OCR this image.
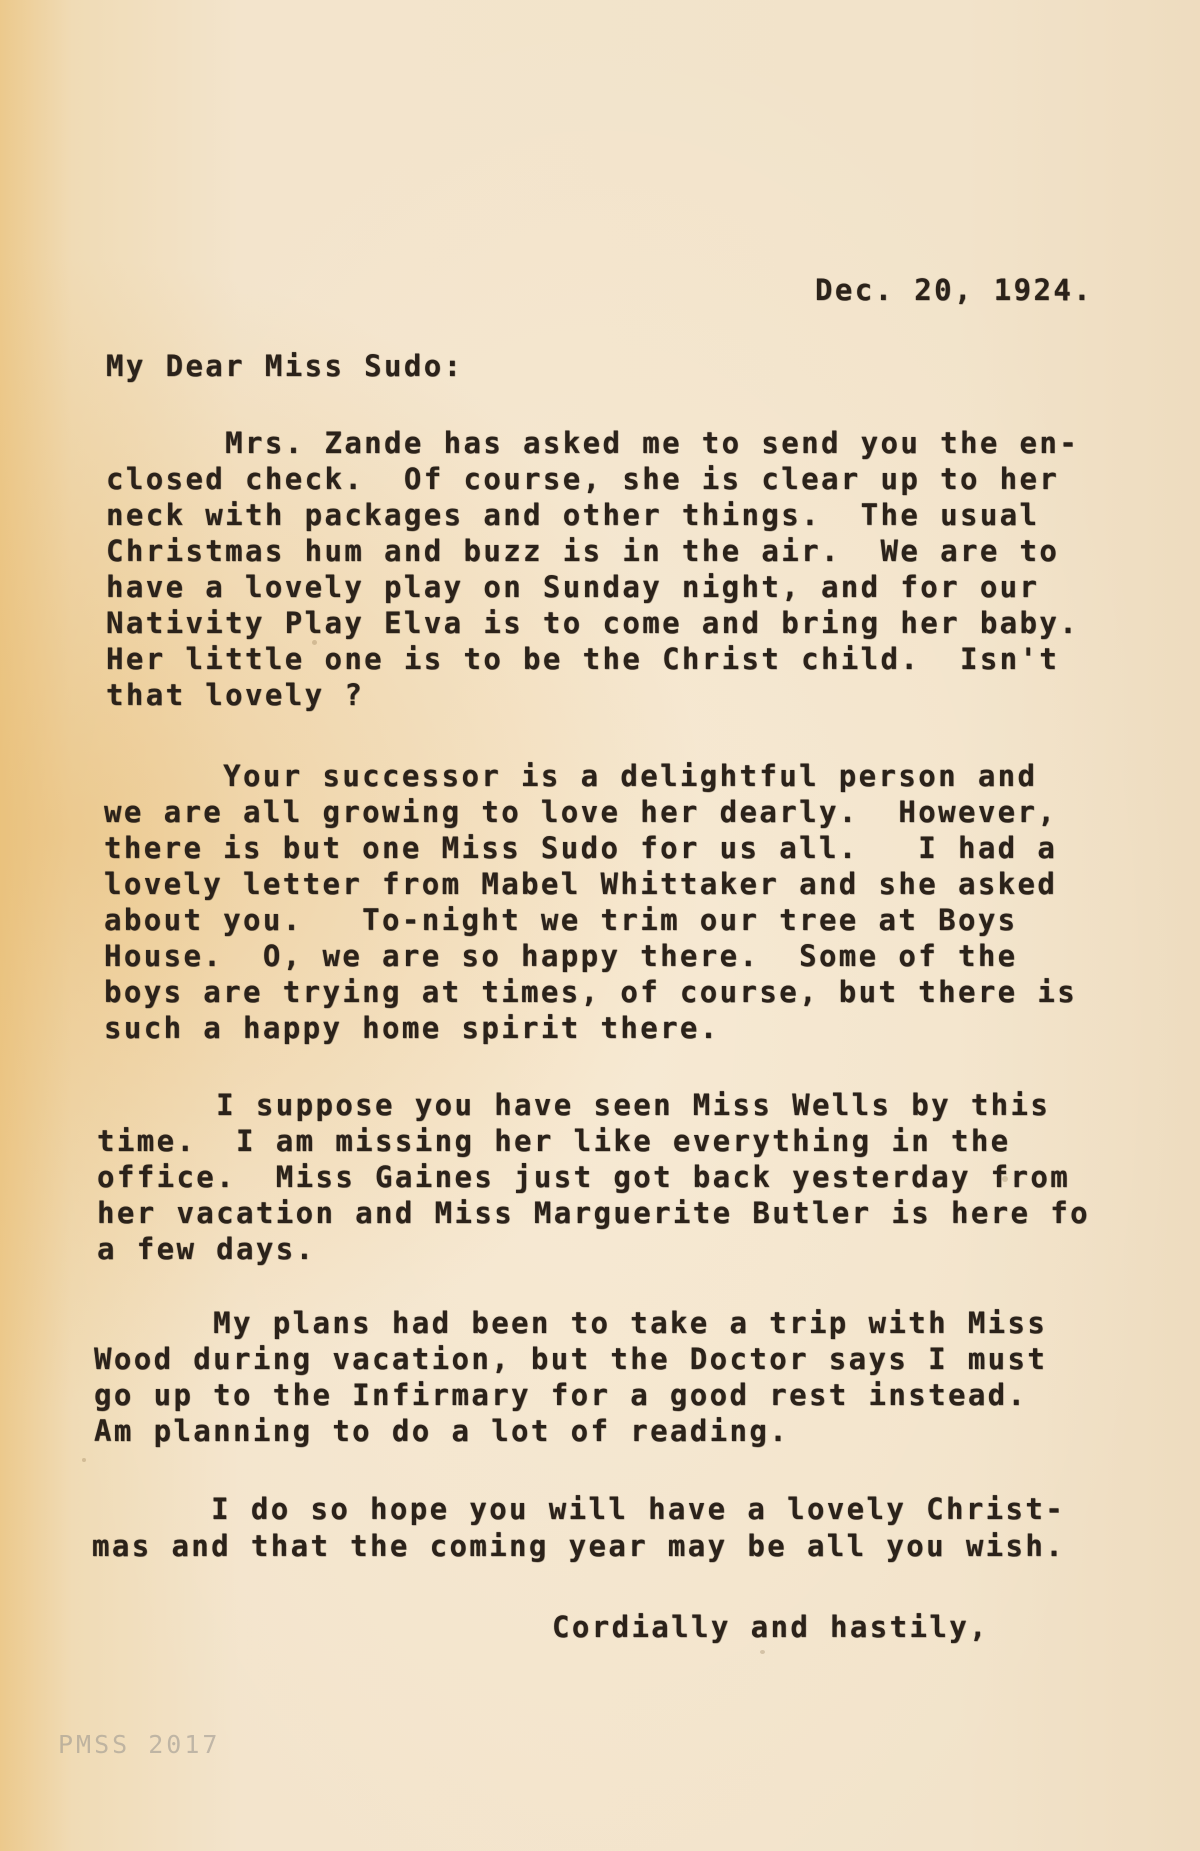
Dec. 20, 1924.
My Dear Miss Sudo:

Mrs. Zande has asked me to send you the en-

closed check.  Of course, she is clear up to her

neck with packages and other things.  The usual

Christmas hum and buzz is in the air.  We are to

have a lovely play on Sunday night, and for our

Nativity Play Elva is to come and bring her baby.

Her little one is to be the Christ child.  Isn't

that lovely ?

Your successor is a delightful person and

we are all growing to love her dearly.  However,

there is but one Miss Sudo for us all.   I had a

lovely letter from Mabel Whittaker and she asked

about you.   To-night we trim our tree at Boys

House.  O, we are so happy there.  Some of the

boys are trying at times, of course, but there is

such a happy home spirit there.

I suppose you have seen Miss Wells by this

time.  I am missing her like everything in the

office.  Miss Gaines just got back yesterday from

her vacation and Miss Marguerite Butler is here fo

a few days.

My plans had been to take a trip with Miss

Wood during vacation, but the Doctor says I must

go up to the Infirmary for a good rest instead.

Am planning to do a lot of reading.

I do so hope you will have a lovely Christ-

mas and that the coming year may be all you wish.

Cordially and hastily,
PMSS 2017
